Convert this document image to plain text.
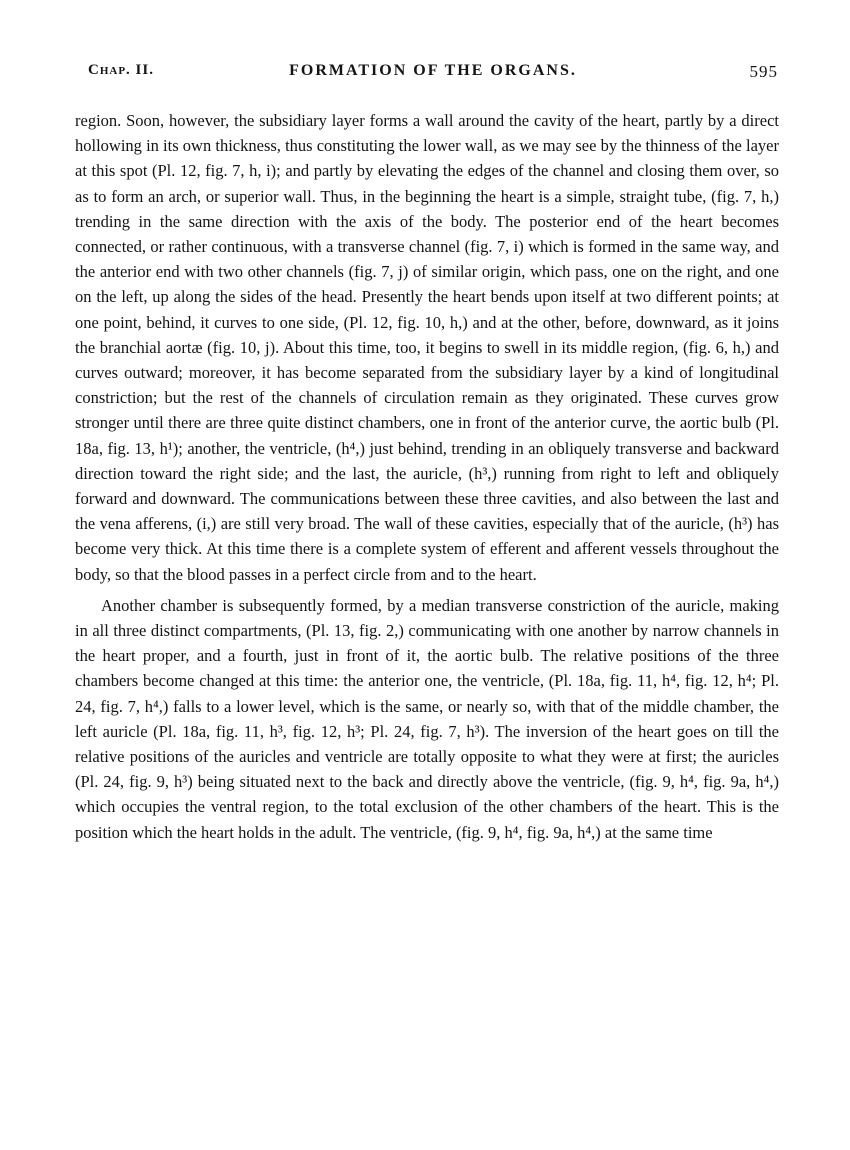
Chap. II.	FORMATION OF THE ORGANS.	595

region. Soon, however, the subsidiary layer forms a wall around the cavity of the heart, partly by a direct hollowing in its own thickness, thus constituting the lower wall, as we may see by the thinness of the layer at this spot (Pl. 12, fig. 7, h, i); and partly by elevating the edges of the channel and closing them over, so as to form an arch, or superior wall. Thus, in the beginning the heart is a simple, straight tube, (fig. 7, h,) trending in the same direction with the axis of the body. The posterior end of the heart becomes connected, or rather continuous, with a transverse channel (fig. 7, i) which is formed in the same way, and the anterior end with two other channels (fig. 7, j) of similar origin, which pass, one on the right, and one on the left, up along the sides of the head. Presently the heart bends upon itself at two different points; at one point, behind, it curves to one side, (Pl. 12, fig. 10, h,) and at the other, before, downward, as it joins the branchial aortæ (fig. 10, j). About this time, too, it begins to swell in its middle region, (fig. 6, h,) and curves outward; moreover, it has become separated from the subsidiary layer by a kind of longitudinal constriction; but the rest of the channels of circulation remain as they originated. These curves grow stronger until there are three quite distinct chambers, one in front of the anterior curve, the aortic bulb (Pl. 18a, fig. 13, h¹); another, the ventricle, (h⁴,) just behind, trending in an obliquely transverse and backward direction toward the right side; and the last, the auricle, (h³,) running from right to left and obliquely forward and downward. The communications between these three cavities, and also between the last and the vena afferens, (i,) are still very broad. The wall of these cavities, especially that of the auricle, (h³) has become very thick. At this time there is a complete system of efferent and afferent vessels throughout the body, so that the blood passes in a perfect circle from and to the heart.

Another chamber is subsequently formed, by a median transverse constriction of the auricle, making in all three distinct compartments, (Pl. 13, fig. 2,) communicating with one another by narrow channels in the heart proper, and a fourth, just in front of it, the aortic bulb. The relative positions of the three chambers become changed at this time: the anterior one, the ventricle, (Pl. 18a, fig. 11, h⁴, fig. 12, h⁴; Pl. 24, fig. 7, h⁴,) falls to a lower level, which is the same, or nearly so, with that of the middle chamber, the left auricle (Pl. 18a, fig. 11, h³, fig. 12, h³; Pl. 24, fig. 7, h³). The inversion of the heart goes on till the relative positions of the auricles and ventricle are totally opposite to what they were at first; the auricles (Pl. 24, fig. 9, h³) being situated next to the back and directly above the ventricle, (fig. 9, h⁴, fig. 9a, h⁴,) which occupies the ventral region, to the total exclusion of the other chambers of the heart. This is the position which the heart holds in the adult. The ventricle, (fig. 9, h⁴, fig. 9a, h⁴,) at the same time
